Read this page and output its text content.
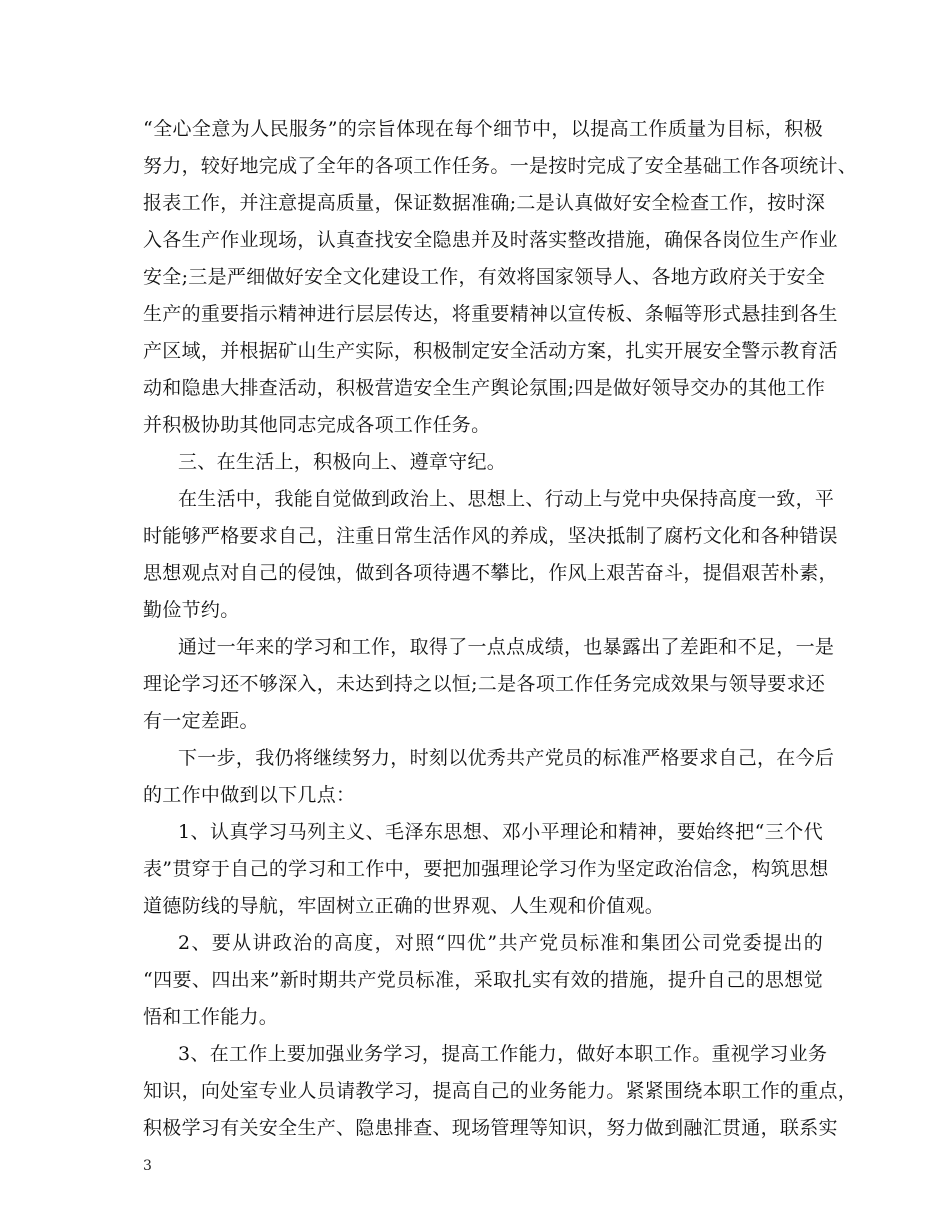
“全心全意为人民服务”的宗旨体现在每个细节中，以提高工作质量为目标，积极
努力，较好地完成了全年的各项工作任务。一是按时完成了安全基础工作各项统计、
报表工作，并注意提高质量，保证数据准确;二是认真做好安全检查工作，按时深
入各生产作业现场，认真查找安全隐患并及时落实整改措施，确保各岗位生产作业
安全;三是严细做好安全文化建设工作，有效将国家领导人、各地方政府关于安全
生产的重要指示精神进行层层传达，将重要精神以宣传板、条幅等形式悬挂到各生
产区域，并根据矿山生产实际，积极制定安全活动方案，扎实开展安全警示教育活
动和隐患大排查活动，积极营造安全生产舆论氛围;四是做好领导交办的其他工作
并积极协助其他同志完成各项工作任务。
三、在生活上，积极向上、遵章守纪。
在生活中，我能自觉做到政治上、思想上、行动上与党中央保持高度一致，平
时能够严格要求自己，注重日常生活作风的养成，坚决抵制了腐朽文化和各种错误
思想观点对自己的侵蚀，做到各项待遇不攀比，作风上艰苦奋斗，提倡艰苦朴素，
勤俭节约。
通过一年来的学习和工作，取得了一点点成绩，也暴露出了差距和不足，一是
理论学习还不够深入，未达到持之以恒;二是各项工作任务完成效果与领导要求还
有一定差距。
下一步，我仍将继续努力，时刻以优秀共产党员的标准严格要求自己，在今后
的工作中做到以下几点：
1、认真学习马列主义、毛泽东思想、邓小平理论和精神，要始终把“三个代
表”贯穿于自己的学习和工作中，要把加强理论学习作为坚定政治信念，构筑思想
道德防线的导航，牢固树立正确的世界观、人生观和价值观。
2、要从讲政治的高度，对照“四优”共产党员标准和集团公司党委提出的
“四要、四出来”新时期共产党员标准，采取扎实有效的措施，提升自己的思想觉
悟和工作能力。
3、在工作上要加强业务学习，提高工作能力，做好本职工作。重视学习业务
知识，向处室专业人员请教学习，提高自己的业务能力。紧紧围绕本职工作的重点，
积极学习有关安全生产、隐患排查、现场管理等知识，努力做到融汇贯通，联系实
3
